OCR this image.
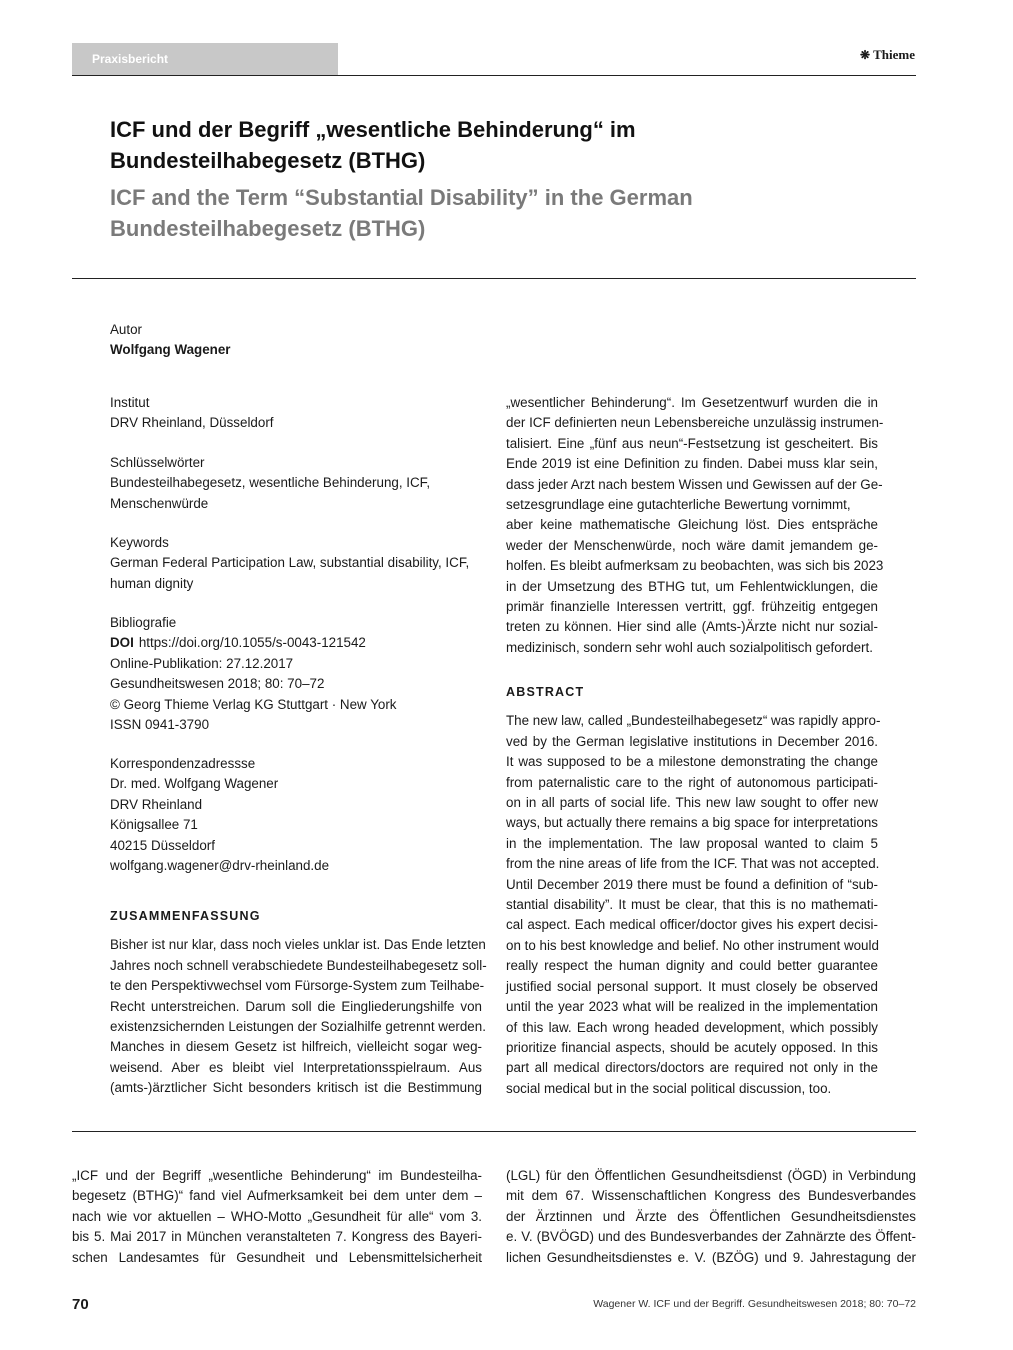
Praxisbericht	❋ Thieme
ICF und der Begriff „wesentliche Behinderung“ im
Bundesteilhabegesetz (BTHG)
ICF and the Term “Substantial Disability” in the German
Bundesteilhabegesetz (BTHG)

Autor

Wolfgang Wagener

Institut

DRV Rheinland, Düsseldorf

Schlüsselwörter

Bundesteilhabegesetz, wesentliche Behinderung, ICF,

Menschenwürde

Keywords

German Federal Participation Law, substantial disability, ICF,

human dignity

Bibliografie

DOI https://doi.org/10.1055/s-0043-121542

Online-Publikation: 27.12.2017

Gesundheitswesen 2018; 80: 70–72

© Georg Thieme Verlag KG Stuttgart · New York

ISSN 0941-3790

Korrespondenzadressse

Dr. med. Wolfgang Wagener

DRV Rheinland

Königsallee 71

40215 Düsseldorf

wolfgang.wagener@drv-rheinland.de

ZUSAMMENFASSUNG

Bisher ist nur klar, dass noch vieles unklar ist. Das Ende letzten
Jahres noch schnell verabschiedete Bundesteilhabegesetz soll-
te den Perspektivwechsel vom Fürsorge-System zum Teilhabe-
Recht unterstreichen. Darum soll die Eingliederungshilfe von
existenzsichernden Leistungen der Sozialhilfe getrennt werden.
Manches in diesem Gesetz ist hilfreich, vielleicht sogar weg-
weisend. Aber es bleibt viel Interpretationsspielraum. Aus
(amts-)ärztlicher Sicht besonders kritisch ist die Bestimmung
„wesentlicher Behinderung“. Im Gesetzentwurf wurden die in
der ICF definierten neun Lebensbereiche unzulässig instrumen-
talisiert. Eine „fünf aus neun“-Festsetzung ist gescheitert. Bis
Ende 2019 ist eine Definition zu finden. Dabei muss klar sein,
dass jeder Arzt nach bestem Wissen und Gewissen auf der Ge-
setzesgrundlage eine gutachterliche Bewertung vornimmt,
aber keine mathematische Gleichung löst. Dies entspräche
weder der Menschenwürde, noch wäre damit jemandem ge-
holfen. Es bleibt aufmerksam zu beobachten, was sich bis 2023
in der Umsetzung des BTHG tut, um Fehlentwicklungen, die
primär finanzielle Interessen vertritt, ggf. frühzeitig entgegen
treten zu können. Hier sind alle (Amts-)Ärzte nicht nur sozial-
medizinisch, sondern sehr wohl auch sozialpolitisch gefordert.

ABSTRACT

The new law, called „Bundesteilhabegesetz“ was rapidly appro-
ved by the German legislative institutions in December 2016.
It was supposed to be a milestone demonstrating the change
from paternalistic care to the right of autonomous participati-
on in all parts of social life. This new law sought to offer new
ways, but actually there remains a big space for interpretations
in the implementation. The law proposal wanted to claim 5
from the nine areas of life from the ICF. That was not accepted.
Until December 2019 there must be found a definition of “sub-
stantial disability”. It must be clear, that this is no mathemati-
cal aspect. Each medical officer/doctor gives his expert decisi-
on to his best knowledge and belief. No other instrument would
really respect the human dignity and could better guarantee
justified social personal support. It must closely be observed
until the year 2023 what will be realized in the implementation
of this law. Each wrong headed development, which possibly
prioritize financial aspects, should be acutely opposed. In this
part all medical directors/doctors are required not only in the
social medical but in the social political discussion, too.
„ICF und der Begriff „wesentliche Behinderung“ im Bundesteilha-
begesetz (BTHG)“ fand viel Aufmerksamkeit bei dem unter dem –
nach wie vor aktuellen – WHO-Motto „Gesundheit für alle“ vom 3.
bis 5. Mai 2017 in München veranstalteten 7. Kongress des Bayeri-
schen Landesamtes für Gesundheit und Lebensmittelsicherheit
(LGL) für den Öffentlichen Gesundheitsdienst (ÖGD) in Verbindung
mit dem 67. Wissenschaftlichen Kongress des Bundesverbandes
der Ärztinnen und Ärzte des Öffentlichen Gesundheitsdienstes
e. V. (BVÖGD) und des Bundesverbandes der Zahnärzte des Öffent-
lichen Gesundheitsdienstes e. V. (BZÖG) und 9. Jahrestagung der
70	Wagener W. ICF und der Begriff. Gesundheitswesen 2018; 80: 70–72
